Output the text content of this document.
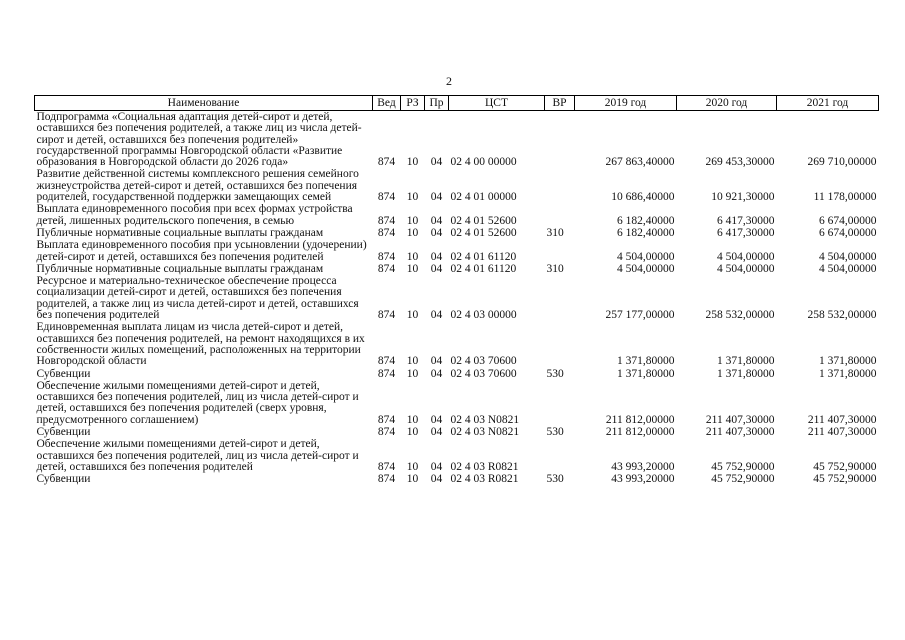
2
Наименование	Вед	РЗ	Пр	ЦСТ	ВР	2019 год	2020 год	2021 год
Подпрограмма «Социальная адаптация детей-сирот и детей, оставшихся без попечения родителей, а также лиц из числа детей-сирот и детей, оставшихся без попечения родителей» государственной программы Новгородской области «Развитие образования в Новгородской области до 2026 года»	874	10	04	02 4 00 00000		267 863,40000	269 453,30000	269 710,00000
Развитие действенной системы комплексного решения семейного жизнеустройства детей-сирот и детей, оставшихся без попечения родителей, государственной поддержки замещающих семей	874	10	04	02 4 01 00000		10 686,40000	10 921,30000	11 178,00000
Выплата единовременного пособия при всех формах устройства детей, лишенных родительского попечения, в семью	874	10	04	02 4 01 52600		6 182,40000	6 417,30000	6 674,00000
Публичные нормативные социальные выплаты гражданам	874	10	04	02 4 01 52600	310	6 182,40000	6 417,30000	6 674,00000
Выплата единовременного пособия при усыновлении (удочерении) детей-сирот и детей, оставшихся без попечения родителей	874	10	04	02 4 01 61120		4 504,00000	4 504,00000	4 504,00000
Публичные нормативные социальные выплаты гражданам	874	10	04	02 4 01 61120	310	4 504,00000	4 504,00000	4 504,00000
Ресурсное и материально-техническое обеспечение процесса социализации детей-сирот и детей, оставшихся без попечения родителей, а также лиц из числа детей-сирот и детей, оставшихся без попечения родителей	874	10	04	02 4 03 00000		257 177,00000	258 532,00000	258 532,00000
Единовременная выплата лицам из числа детей-сирот и детей, оставшихся без попечения родителей, на ремонт находящихся в их собственности жилых помещений, расположенных на территории Новгородской области	874	10	04	02 4 03 70600		1 371,80000	1 371,80000	1 371,80000
Субвенции	874	10	04	02 4 03 70600	530	1 371,80000	1 371,80000	1 371,80000
Обеспечение жилыми помещениями детей-сирот и детей, оставшихся без попечения родителей, лиц из числа детей-сирот и детей, оставшихся без попечения родителей (сверх уровня, предусмотренного соглашением)	874	10	04	02 4 03 N0821		211 812,00000	211 407,30000	211 407,30000
Субвенции	874	10	04	02 4 03 N0821	530	211 812,00000	211 407,30000	211 407,30000
Обеспечение жилыми помещениями детей-сирот и детей, оставшихся без попечения родителей, лиц из числа детей-сирот и детей, оставшихся без попечения родителей	874	10	04	02 4 03 R0821		43 993,20000	45 752,90000	45 752,90000
Субвенции	874	10	04	02 4 03 R0821	530	43 993,20000	45 752,90000	45 752,90000
